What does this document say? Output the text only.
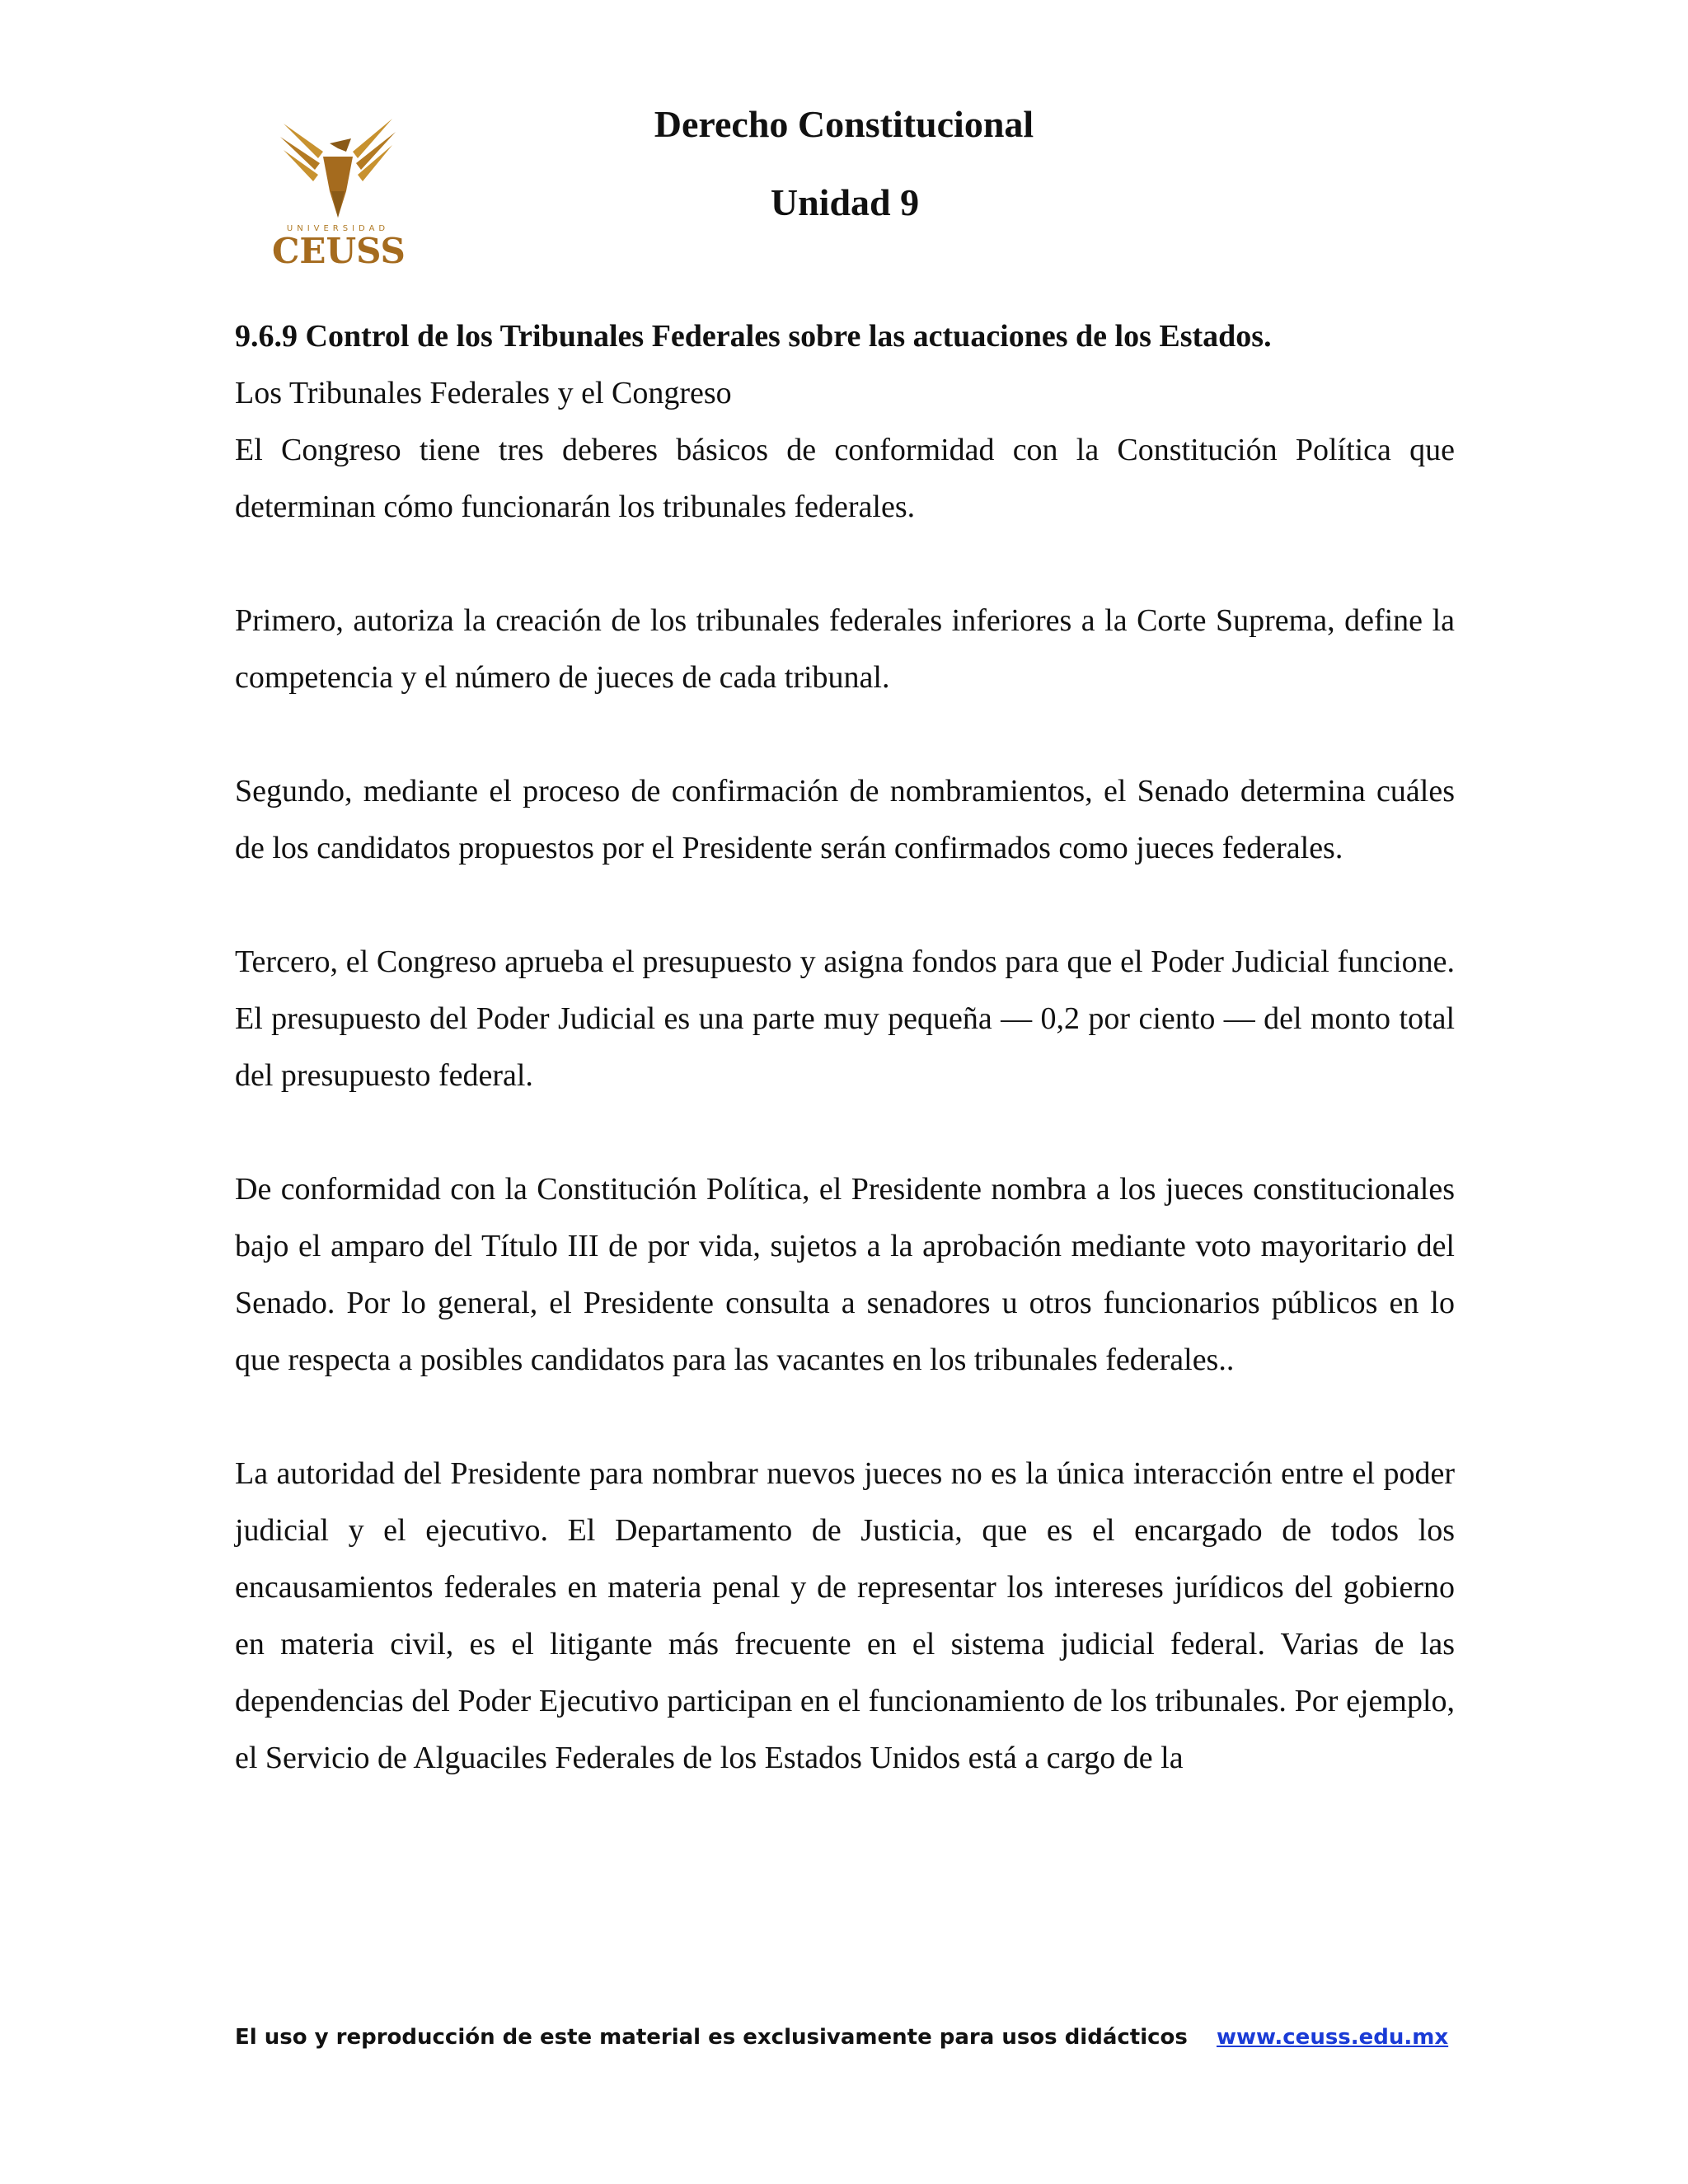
UNIVERSIDAD
CEUSS
Derecho Constitucional
Unidad 9

9.6.9 Control de los Tribunales Federales sobre las actuaciones de los Estados.

Los Tribunales Federales y el Congreso

El Congreso tiene tres deberes básicos de conformidad con la Constitución Política que determinan cómo funcionarán los tribunales federales.

Primero, autoriza la creación de los tribunales federales inferiores a la Corte Suprema, define la competencia y el número de jueces de cada tribunal.

Segundo, mediante el proceso de confirmación de nombramientos, el Senado determina cuáles de los candidatos propuestos por el Presidente serán confirmados como jueces federales.

Tercero, el Congreso aprueba el presupuesto y asigna fondos para que el Poder Judicial funcione. El presupuesto del Poder Judicial es una parte muy pequeña — 0,2 por ciento — del monto total del presupuesto federal.

De conformidad con la Constitución Política, el Presidente nombra a los jueces constitucionales bajo el amparo del Título III de por vida, sujetos a la aprobación mediante voto mayoritario del Senado. Por lo general, el Presidente consulta a senadores u otros funcionarios públicos en lo que respecta a posibles candidatos para las vacantes en los tribunales federales..

La autoridad del Presidente para nombrar nuevos jueces no es la única interacción entre el poder judicial y el ejecutivo. El Departamento de Justicia, que es el encargado de todos los encausamientos federales en materia penal y de representar los intereses jurídicos del gobierno en materia civil, es el litigante más frecuente en el sistema judicial federal. Varias de las dependencias del Poder Ejecutivo participan en el funcionamiento de los tribunales. Por ejemplo, el Servicio de Alguaciles Federales de los Estados Unidos está a cargo de la

El uso y reproducción de este material es exclusivamente para usos didácticos www.ceuss.edu.mx
